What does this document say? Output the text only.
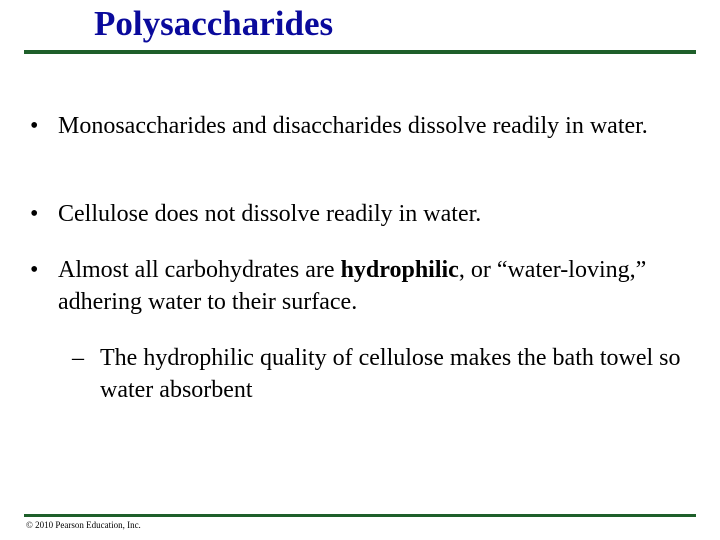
Polysaccharides
• Monosaccharides and disaccharides dissolve readily in water.
• Cellulose does not dissolve readily in water.
• Almost all carbohydrates are hydrophilic, or “water-loving,” adhering water to their surface.
– The hydrophilic quality of cellulose makes the bath towel so water absorbent
© 2010 Pearson Education, Inc.
